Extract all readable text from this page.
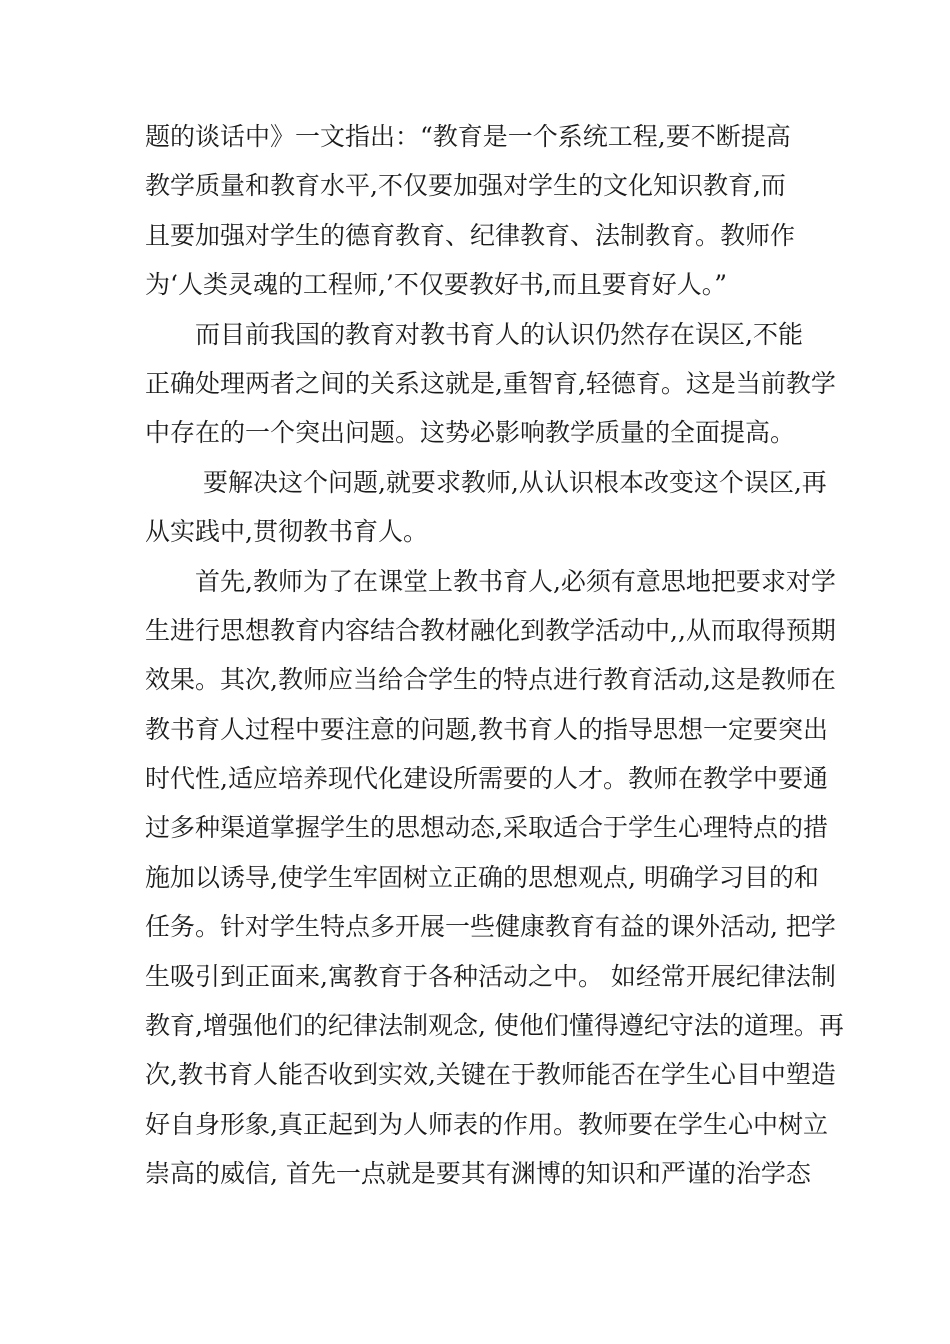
题的谈话中》一文指出：“教育是一个系统工程,要不断提高
教学质量和教育水平,不仅要加强对学生的文化知识教育,而
且要加强对学生的德育教育、纪律教育、法制教育。教师作
为‘人类灵魂的工程师,’不仅要教好书,而且要育好人。”
　　而目前我国的教育对教书育人的认识仍然存在误区,不能
正确处理两者之间的关系这就是,重智育,轻德育。这是当前教学
中存在的一个突出问题。这势必影响教学质量的全面提高。
　　 要解决这个问题,就要求教师,从认识根本改变这个误区,再
从实践中,贯彻教书育人。
　　首先,教师为了在课堂上教书育人,必须有意思地把要求对学
生进行思想教育内容结合教材融化到教学活动中,,从而取得预期
效果。其次,教师应当给合学生的特点进行教育活动,这是教师在
教书育人过程中要注意的问题,教书育人的指导思想一定要突出
时代性,适应培养现代化建设所需要的人才。教师在教学中要通
过多种渠道掌握学生的思想动态,采取适合于学生心理特点的措
施加以诱导,使学生牢固树立正确的思想观点, 明确学习目的和
任务。针对学生特点多开展一些健康教育有益的课外活动, 把学
生吸引到正面来,寓教育于各种活动之中。 如经常开展纪律法制
教育,增强他们的纪律法制观念, 使他们懂得遵纪守法的道理。再
次,教书育人能否收到实效,关键在于教师能否在学生心目中塑造
好自身形象,真正起到为人师表的作用。教师要在学生心中树立
崇高的威信, 首先一点就是要其有渊博的知识和严谨的治学态
